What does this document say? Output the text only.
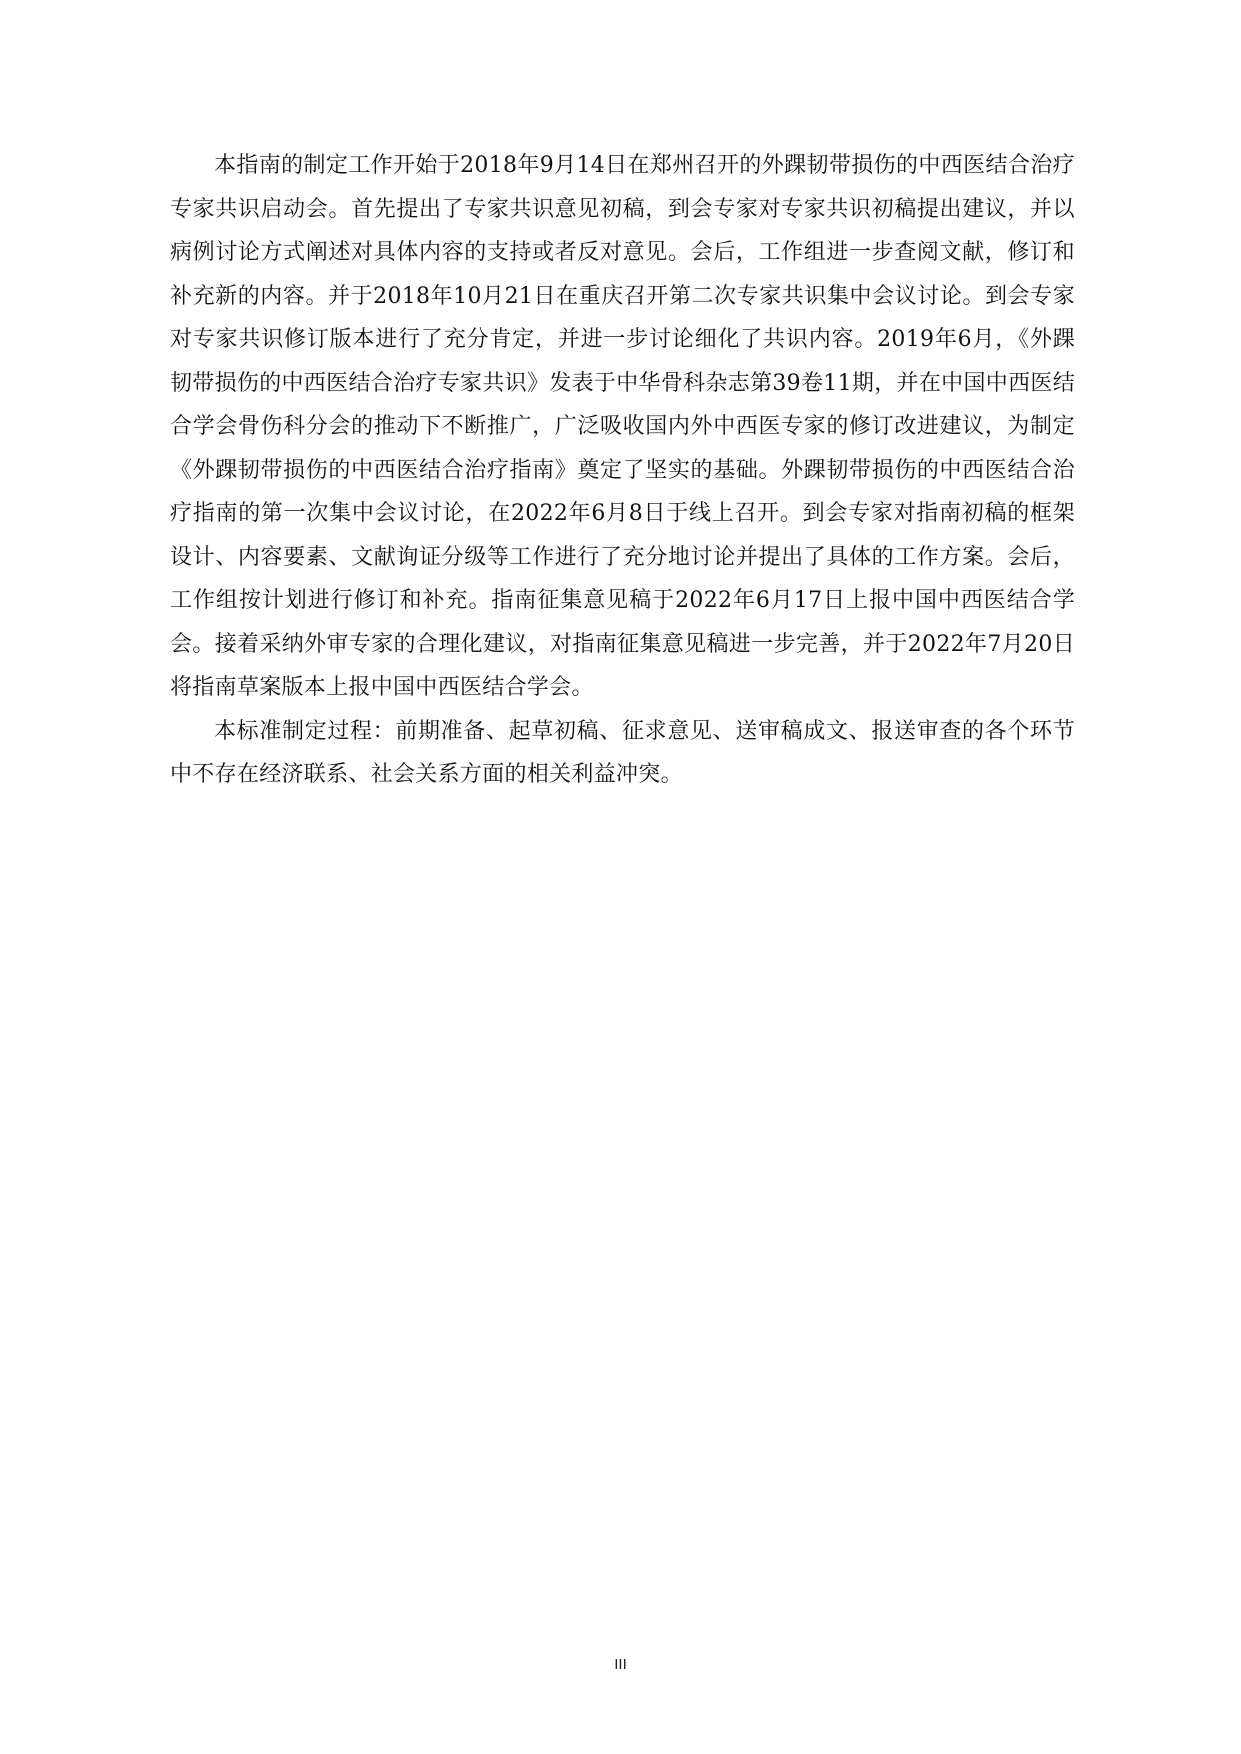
本指南的制定工作开始于2018年9月14日在郑州召开的外踝韧带损伤的中西医结合治疗专家共识启动会。首先提出了专家共识意见初稿，到会专家对专家共识初稿提出建议，并以病例讨论方式阐述对具体内容的支持或者反对意见。会后，工作组进一步查阅文献，修订和补充新的内容。并于2018年10月21日在重庆召开第二次专家共识集中会议讨论。到会专家对专家共识修订版本进行了充分肯定，并进一步讨论细化了共识内容。2019年6月，《外踝韧带损伤的中西医结合治疗专家共识》发表于中华骨科杂志第39卷11期，并在中国中西医结合学会骨伤科分会的推动下不断推广，广泛吸收国内外中西医专家的修订改进建议，为制定《外踝韧带损伤的中西医结合治疗指南》奠定了坚实的基础。外踝韧带损伤的中西医结合治疗指南的第一次集中会议讨论，在2022年6月8日于线上召开。到会专家对指南初稿的框架设计、内容要素、文献询证分级等工作进行了充分地讨论并提出了具体的工作方案。会后，工作组按计划进行修订和补充。指南征集意见稿于2022年6月17日上报中国中西医结合学会。接着采纳外审专家的合理化建议，对指南征集意见稿进一步完善，并于2022年7月20日将指南草案版本上报中国中西医结合学会。

本标准制定过程：前期准备、起草初稿、征求意见、送审稿成文、报送审查的各个环节中不存在经济联系、社会关系方面的相关利益冲突。

III
